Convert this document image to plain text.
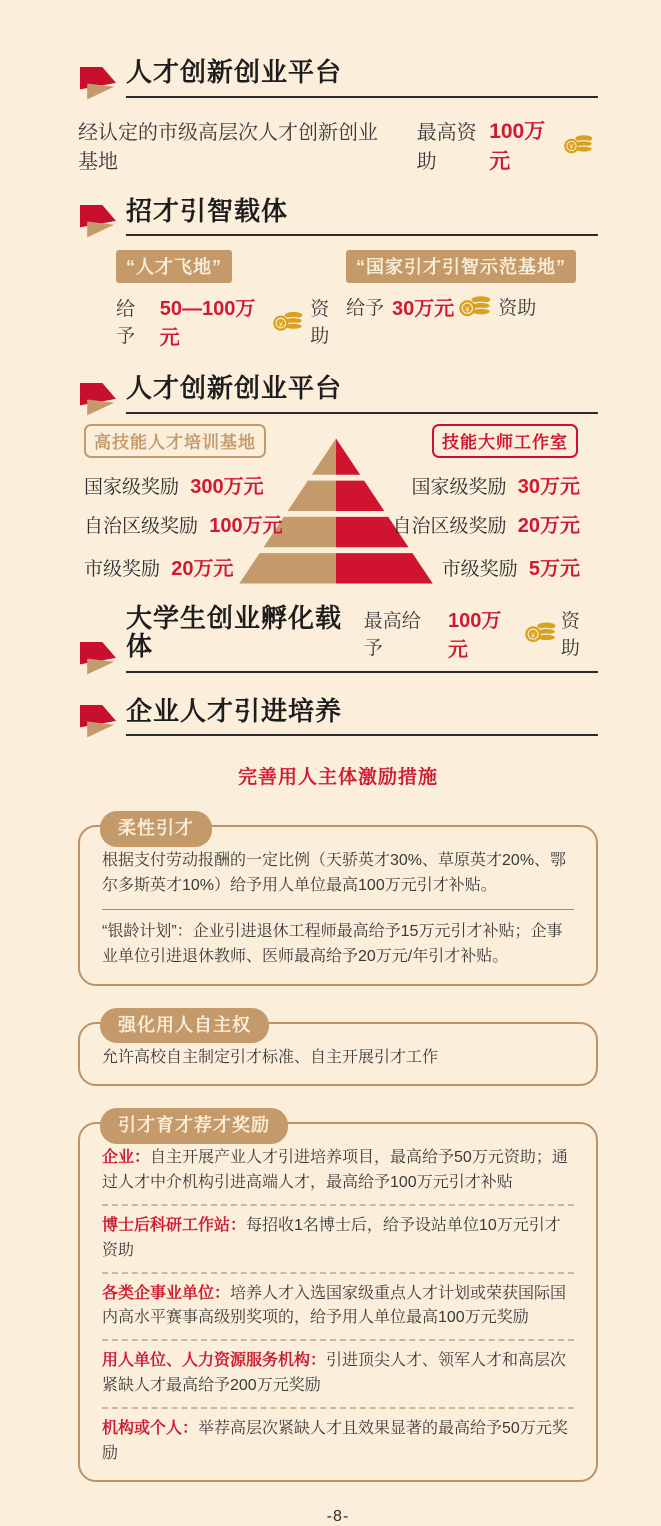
人才创新创业平台
经认定的市级高层次人才创新创业基地
最高资助
100万元
¥
招才引智载体
“人才飞地”
给予
50—100万元
¥
资助
“国家引才引智示范基地”
给予 30万元 ¥ 资助
人才创新创业平台
高技能人才培训基地	技能大师工作室
国家级奖励 300万元
自治区级奖励 100万元
市级奖励 20万元
国家级奖励 30万元
自治区级奖励 20万元
市级奖励 5万元
大学生创业孵化载体
最高给予
100万元
¥
资助
企业人才引进培养
完善用人主体激励措施
柔性引才

根据支付劳动报酬的一定比例（天骄英才30%、草原英才20%、鄂尔多斯英才10%）给予用人单位最高100万元引才补贴。

“银龄计划”：企业引进退休工程师最高给予15万元引才补贴；企事业单位引进退休教师、医师最高给予20万元/年引才补贴。

强化用人自主权

允许高校自主制定引才标准、自主开展引才工作

引才育才荐才奖励

企业：自主开展产业人才引进培养项目，最高给予50万元资助；通过人才中介机构引进高端人才，最高给予100万元引才补贴

博士后科研工作站：每招收1名博士后，给予设站单位10万元引才资助

各类企事业单位：培养人才入选国家级重点人才计划或荣获国际国内高水平赛事高级别奖项的，给予用人单位最高100万元奖励

用人单位、人力资源服务机构：引进顶尖人才、领军人才和高层次紧缺人才最高给予200万元奖励

机构或个人：举荐高层次紧缺人才且效果显著的最高给予50万元奖励

-8-
